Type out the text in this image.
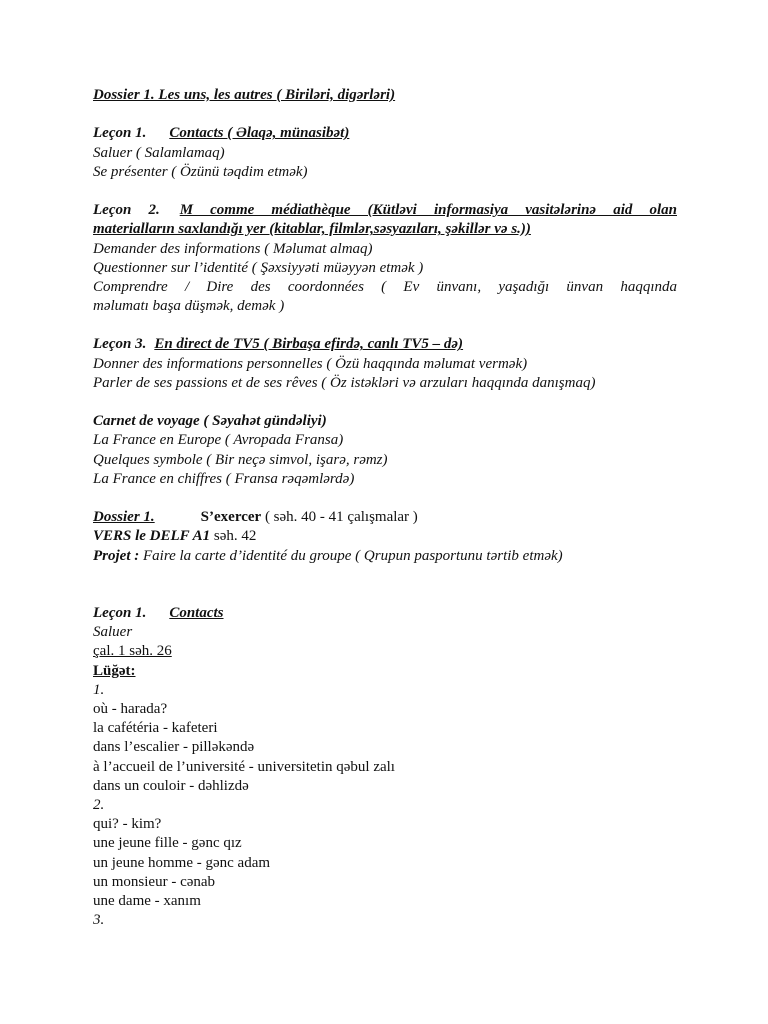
Dossier 1. Les uns, les autres ( Biriləri, digərləri)
Leçon 1. Contacts ( Əlaqə, münasibət)
Saluer ( Salamlamaq)
Se présenter ( Özünü təqdim etmək)
Leçon 2. M comme médiathèque (Kütləvi informasiya vasitələrinə aid olan
materialların saxlandığı yer (kitablar, filmlər,səsyazıları, şəkillər və s.))
Demander des informations ( Məlumat almaq)
Questionner sur l’identité ( Şəxsiyyəti müəyyən etmək )
Comprendre / Dire des coordonnées ( Ev ünvanı, yaşadığı ünvan haqqında
məlumatı başa düşmək, demək )
Leçon 3. En direct de TV5 ( Birbaşa efirdə, canlı TV5 – də)
Donner des informations personnelles ( Özü haqqında məlumat vermək)
Parler de ses passions et de ses rêves ( Öz istəkləri və arzuları haqqında danışmaq)
Carnet de voyage ( Səyahət gündəliyi)
La France en Europe ( Avropada Fransa)
Quelques symbole ( Bir neçə simvol, işarə, rəmz)
La France en chiffres ( Fransa rəqəmlərdə)
Dossier 1.	S’exercer ( səh. 40 - 41 çalışmalar )
VERS le DELF A1 səh. 42
Projet : Faire la carte d’identité du groupe ( Qrupun pasportunu tərtib etmək)
Leçon 1. Contacts
Saluer
çal. 1 səh. 26
Lüğət:
1.
où - harada?
la cafétéria - kafeteri
dans l’escalier - pilləkəndə
à l’accueil de l’université - universitetin qəbul zalı
dans un couloir - dəhlizdə
2.
qui? - kim?
une jeune fille - gənc qız
un jeune homme - gənc adam
un monsieur - cənab
une dame - xanım
3.
